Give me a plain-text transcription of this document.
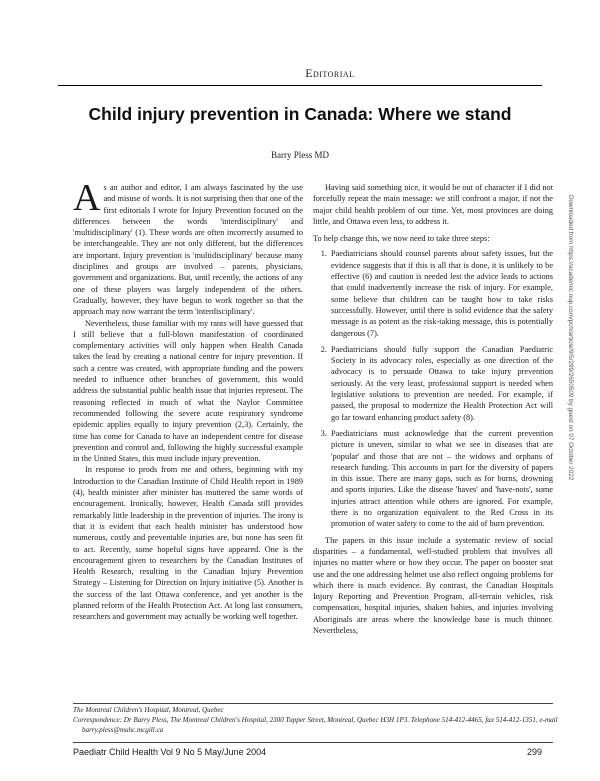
Editorial
Child injury prevention in Canada: Where we stand
Barry Pless MD

As an author and editor, I am always fascinated by the use and misuse of words. It is not surprising then that one of the first editorials I wrote for Injury Prevention focused on the differences between the words 'interdisciplinary' and 'multidisciplinary' (1). These words are often incorrectly assumed to be interchangeable. They are not only different, but the differences are important. Injury prevention is 'multidisciplinary' because many disciplines and groups are involved – parents, physicians, government and organizations. But, until recently, the actions of any one of these players was largely independent of the others. Gradually, however, they have begun to work together so that the approach may now warrant the term 'interdisciplinary'.

Nevertheless, those familiar with my rants will have guessed that I still believe that a full-blown manifestation of coordinated complementary activities will only happen when Health Canada takes the lead by creating a national centre for injury prevention. If such a centre was created, with appropriate funding and the powers needed to influence other branches of government, this would address the substantial public health issue that injuries represent. The reasoning reflected in much of what the Naylor Committee recommended following the severe acute respiratory syndrome epidemic applies equally to injury prevention (2,3). Certainly, the time has come for Canada to have an independent centre for disease prevention and control and, following the highly successful example in the United States, this must include injury prevention.

In response to prods from me and others, beginning with my Introduction to the Canadian Institute of Child Health report in 1989 (4), health minister after minister has muttered the same words of encouragement. Ironically, however, Health Canada still provides remarkably little leadership in the prevention of injuries. The irony is that it is evident that each health minister has understood how numerous, costly and preventable injuries are, but none has seen fit to act. Recently, some hopeful signs have appeared. One is the encouragement given to researchers by the Canadian Institutes of Health Research, resulting in the Canadian Injury Prevention Strategy – Listening for Direction on Injury initiative (5). Another is the success of the last Ottawa conference, and yet another is the planned reform of the Health Protection Act. At long last consumers, researchers and government may actually be working well together.

Having said something nice, it would be out of character if I did not forcefully repeat the main message: we still confront a major, if not the major child health problem of our time. Yet, most provinces are doing little, and Ottawa even less, to address it.

To help change this, we now need to take three steps:

1. Paediatricians should counsel parents about safety issues, but the evidence suggests that if this is all that is done, it is unlikely to be effective (6) and caution is needed lest the advice leads to actions that could inadvertently increase the risk of injury. For example, some believe that children can be taught how to take risks successfully. However, until there is solid evidence that the safety message is as potent as the risk-taking message, this is potentially dangerous (7).
2. Paediatricians should fully support the Canadian Paediatric Society in its advocacy roles, especially as one direction of the advocacy is to persuade Ottawa to take injury prevention seriously. At the very least, professional support is needed when legislative solutions to prevention are needed. For example, if passed, the proposal to modernize the Health Protection Act will go far toward enhancing product safety (8).
3. Paediatricians must acknowledge that the current prevention picture is uneven, similar to what we see in diseases that are 'popular' and those that are not – the widows and orphans of research funding. This accounts in part for the diversity of papers in this issue. There are many gaps, such as for burns, drowning and sports injuries. Like the disease 'haves' and 'have-nots', some injuries attract attention while others are ignored. For example, there is no organization equivalent to the Red Cross in its promotion of water safety to come to the aid of burn prevention.

The papers in this issue include a systematic review of social disparities – a fundamental, well-studied problem that involves all injuries no matter where or how they occur. The paper on booster seat use and the one addressing helmet use also reflect ongoing problems for which there is much evidence. By contrast, the Canadian Hospitals Injury Reporting and Prevention Program, all-terrain vehicles, risk compensation, hospital injuries, shaken babies, and injuries involving Aboriginals are areas where the knowledge base is much thinner. Nevertheless,

The Montreal Children's Hospital, Montreal, Quebec
Correspondence: Dr Barry Pless, The Montreal Children's Hospital, 2300 Tupper Street, Montreal, Quebec H3H 1P3. Telephone 514-412-4465, fax 514-412-1351, e-mail barry.pless@muhc.mcgill.ca
Paediatr Child Health Vol 9 No 5 May/June 2004	299
Downloaded from https://academic.oup.com/pch/article/9/5/299/2650509 by guest on 07 October 2022
